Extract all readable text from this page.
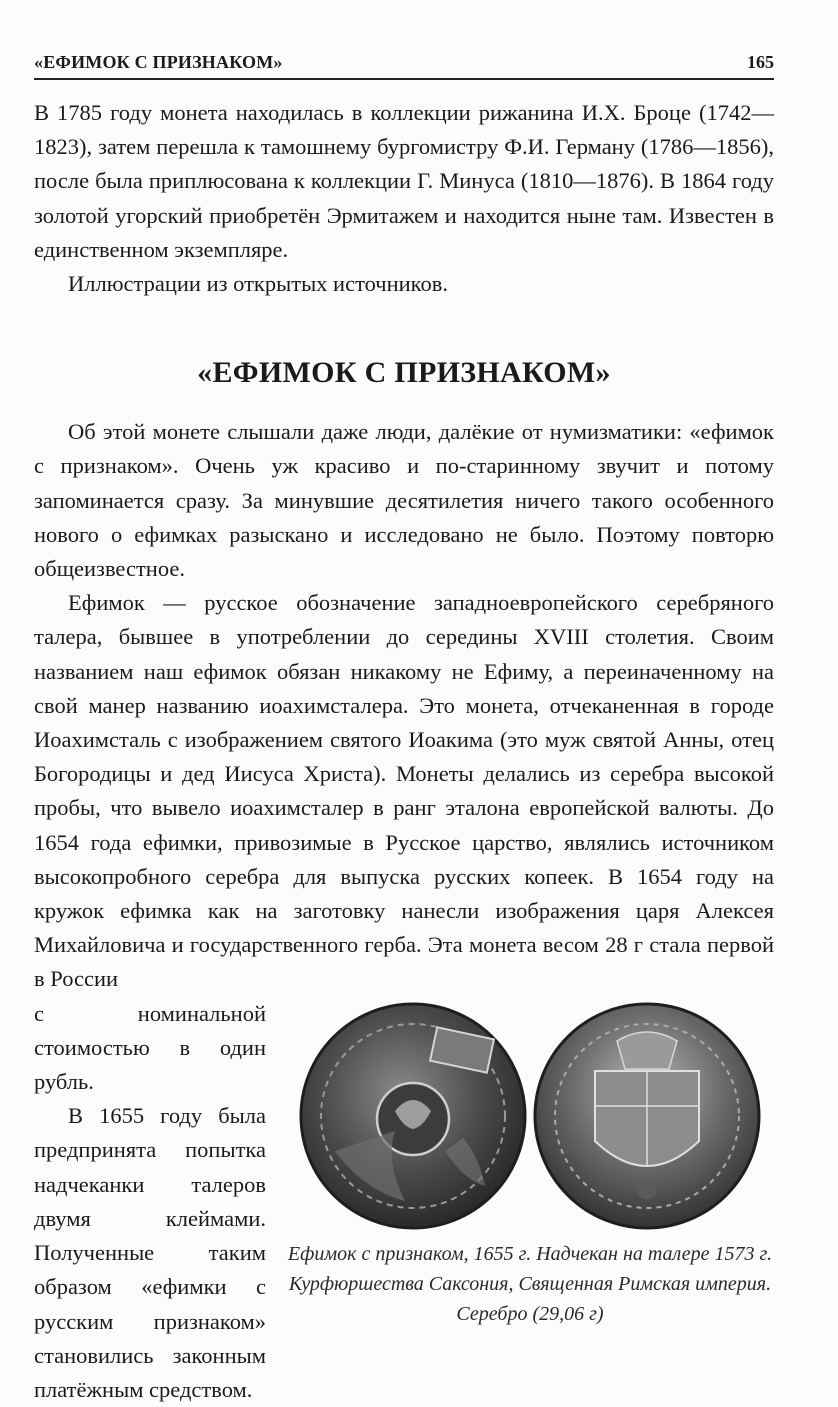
«ЕФИМОК С ПРИЗНАКОМ»	165

В 1785 году монета находилась в коллекции рижанина И.Х. Броце (1742—1823), затем перешла к тамошнему бургомистру Ф.И. Герману (1786—1856), после была приплюсована к коллекции Г. Минуса (1810—1876). В 1864 году золотой угорский приобретён Эрмитажем и находится ныне там. Известен в единственном экземпляре.

Иллюстрации из открытых источников.

«ЕФИМОК С ПРИЗНАКОМ»

Об этой монете слышали даже люди, далёкие от нумизматики: «ефимок с признаком». Очень уж красиво и по-старинному звучит и потому запоминается сразу. За минувшие десятилетия ничего такого особенного нового о ефимках разыскано и исследовано не было. Поэтому повторю общеизвестное.

Ефимок — русское обозначение западноевропейского серебряного талера, бывшее в употреблении до середины XVIII столетия. Своим названием наш ефимок обязан никакому не Ефиму, а переиначенному на свой манер названию иоахимсталера. Это монета, отчеканенная в городе Иоахимсталь с изображением святого Иоакима (это муж святой Анны, отец Богородицы и дед Иисуса Христа). Монеты делались из серебра высокой пробы, что вывело иоахимсталер в ранг эталона европейской валюты. До 1654 года ефимки, привозимые в Русское царство, являлись источником высокопробного серебра для выпуска русских копеек. В 1654 году на кружок ефимка как на заготовку нанесли изображения царя Алексея Михайловича и государственного герба. Эта монета весом 28 г стала первой в России

с номинальной стоимостью в один рубль.

В 1655 году была предпринята попытка надчеканки талеров двумя клеймами. Полученные таким образом «ефимки с русским признаком» становились законным платёжным средством.

Ефимок с признаком, 1655 г. Надчекан на талере 1573 г. Курфюршества Саксония, Священная Римская империя. Серебро (29,06 г)
